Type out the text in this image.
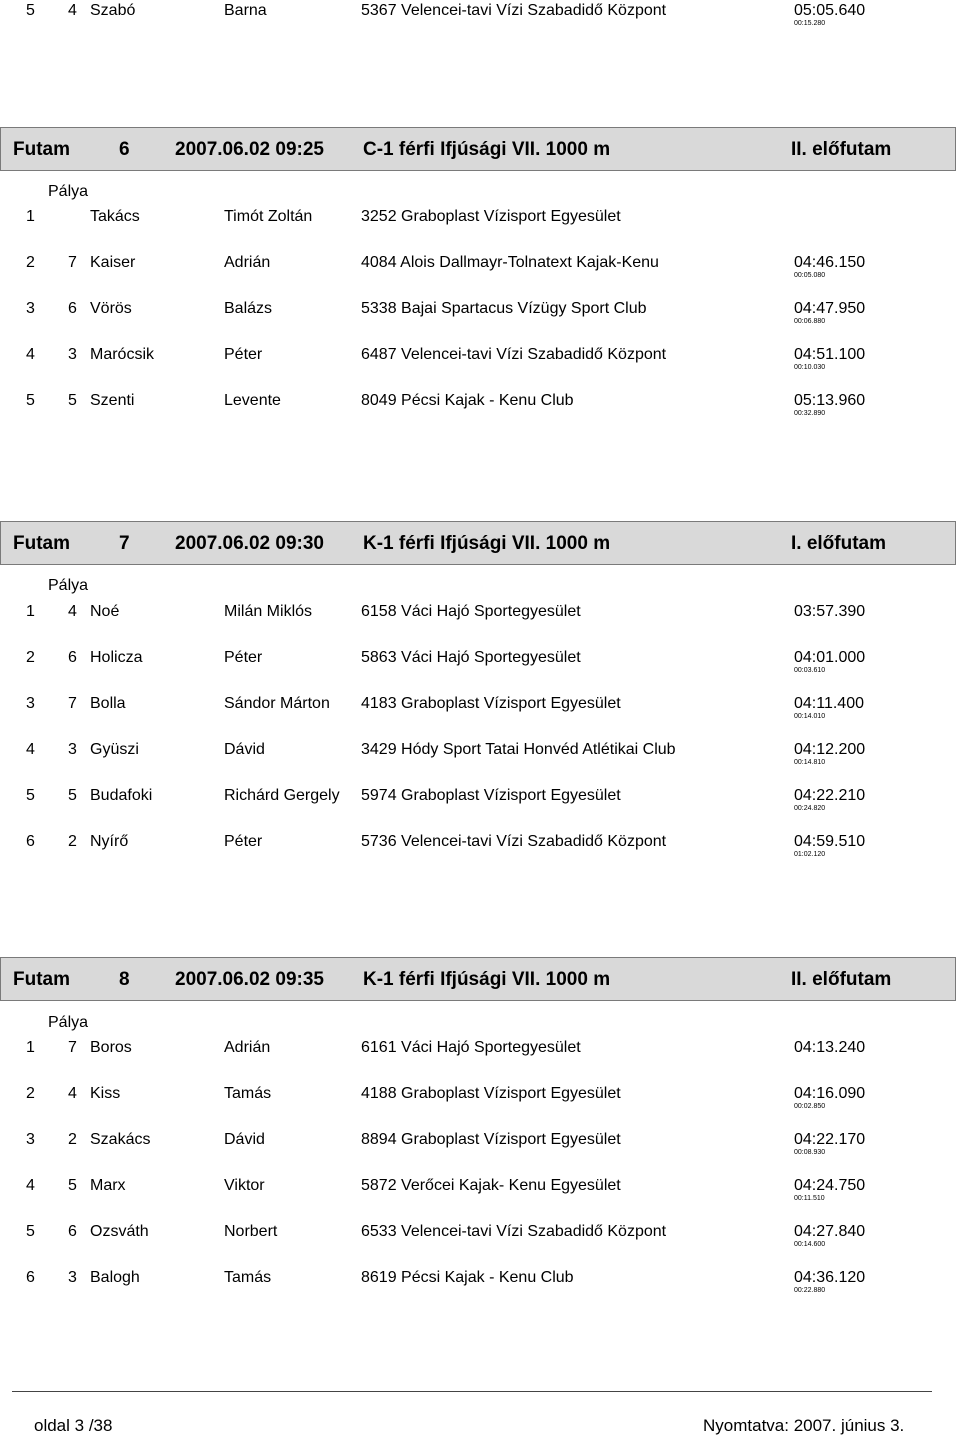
5 4 Szabó	Barna	5367 Velencei-tavi Vízi Szabadidő Központ	05:05.640
00:15.280
Futam	6 2007.06.02 09:25 C-1 férfi Ifjúsági VII. 1000 m	II. előfutam
Pálya
1	Takács	Timót Zoltán	3252 Graboplast Vízisport Egyesület
2 7 Kaiser	Adrián	4084 Alois Dallmayr-Tolnatext Kajak-Kenu	04:46.150
00:05.080
3 6 Vörös	Balázs	5338 Bajai Spartacus Vízügy Sport Club	04:47.950
00:06.880
4 3 Marócsik	Péter	6487 Velencei-tavi Vízi Szabadidő Központ	04:51.100
00:10.030
5 5 Szenti	Levente	8049 Pécsi Kajak - Kenu Club	05:13.960
00:32.890
Futam	7 2007.06.02 09:30 K-1 férfi Ifjúsági VII. 1000 m	I. előfutam
Pálya
1 4 Noé	Milán Miklós	6158 Váci Hajó Sportegyesület	03:57.390
2 6 Holicza	Péter	5863 Váci Hajó Sportegyesület	04:01.000
00:03.610
3 7 Bolla	Sándor Márton 4183 Graboplast Vízisport Egyesület	04:11.400
00:14.010
4 3 Gyüszi	Dávid	3429 Hódy Sport Tatai Honvéd Atlétikai Club	04:12.200
00:14.810
5 5 Budafoki	Richárd Gergely 5974 Graboplast Vízisport Egyesület	04:22.210
00:24.820
6 2 Nyírő	Péter	5736 Velencei-tavi Vízi Szabadidő Központ	04:59.510
01:02.120
Futam	8 2007.06.02 09:35 K-1 férfi Ifjúsági VII. 1000 m	II. előfutam
Pálya
1 7 Boros	Adrián	6161 Váci Hajó Sportegyesület	04:13.240
2 4 Kiss	Tamás	4188 Graboplast Vízisport Egyesület	04:16.090
00:02.850
3 2 Szakács	Dávid	8894 Graboplast Vízisport Egyesület	04:22.170
00:08.930
4 5 Marx	Viktor	5872 Verőcei Kajak- Kenu Egyesület	04:24.750
00:11.510
5 6 Ozsváth	Norbert	6533 Velencei-tavi Vízi Szabadidő Központ	04:27.840
00:14.600
6 3 Balogh	Tamás	8619 Pécsi Kajak - Kenu Club	04:36.120
00:22.880
oldal 3 /38	Nyomtatva: 2007. június 3.
